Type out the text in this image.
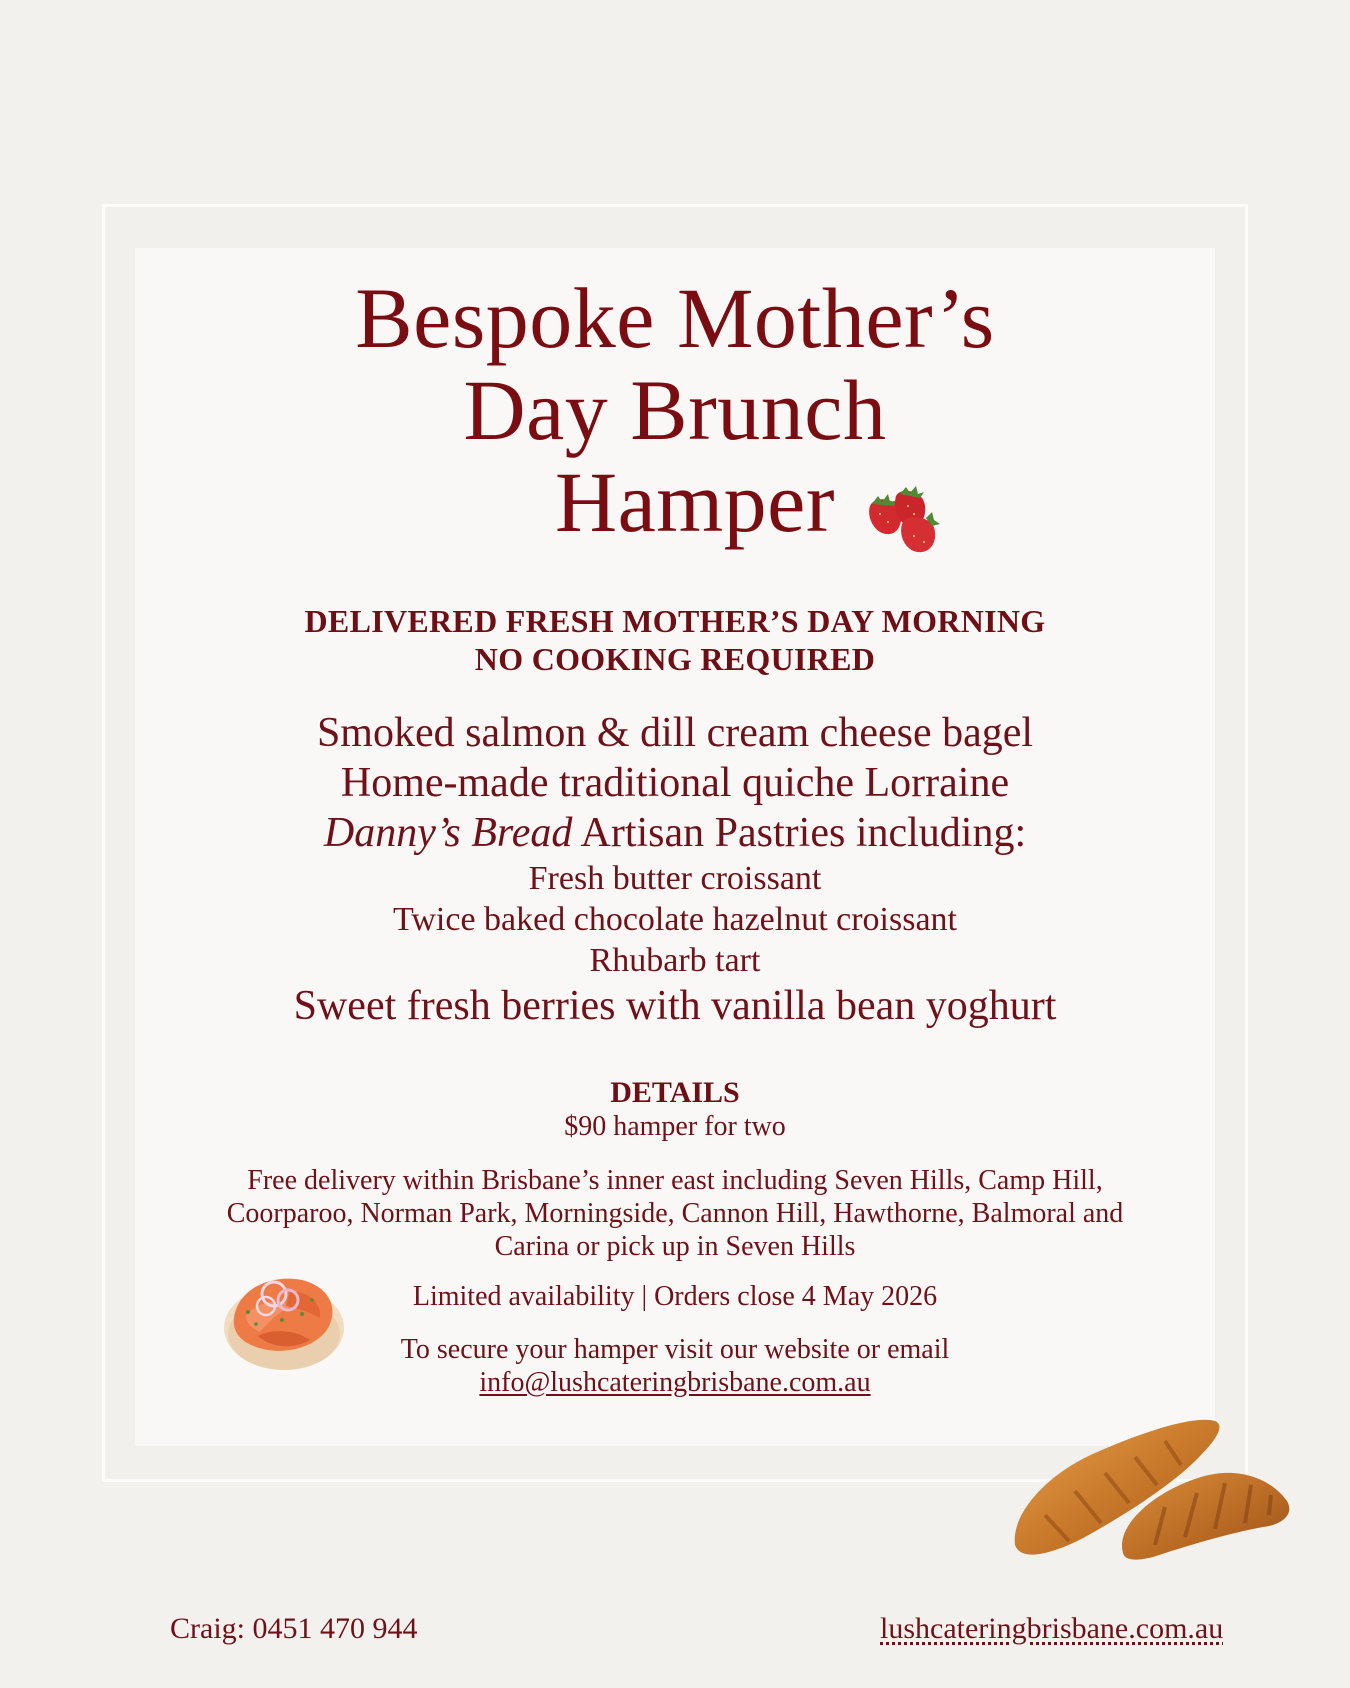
Bespoke Mother’s
Day Brunch
Hamper
DELIVERED FRESH MOTHER’S DAY MORNING
NO COOKING REQUIRED
Smoked salmon & dill cream cheese bagel
Home-made traditional quiche Lorraine
Danny’s Bread Artisan Pastries including:
Fresh butter croissant
Twice baked chocolate hazelnut croissant
Rhubarb tart
Sweet fresh berries with vanilla bean yoghurt
DETAILS
$90 hamper for two
Free delivery within Brisbane’s inner east including Seven Hills, Camp Hill, Coorparoo, Norman Park, Morningside, Cannon Hill, Hawthorne, Balmoral and Carina or pick up in Seven Hills
Limited availability | Orders close 4 May 2026
To secure your hamper visit our website or email
info@lushcateringbrisbane.com.au
Craig: 0451 470 944	lushcateringbrisbane.com.au
